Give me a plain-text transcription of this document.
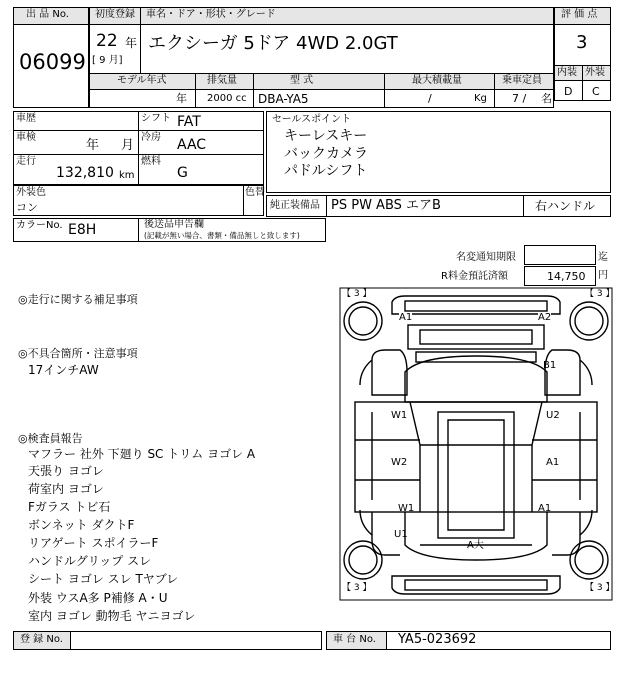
出 品 No.
06099
初度登録 車名・ドア・形状・グレード
22 年
[ 9 月]
エクシーガ 5ドア 4WD 2.0GT
評 価 点
3
内装 外装
D C
モデル年式	排気量	型 式	最大積載量	乗車定員
年 2000 cc DBA-YA5	/	Kg 7 / 名
車歴
車検
年 月
走行
132,810 km
シフト FAT
冷房 AAC
燃料
G
セールスポイント
キーレスキー
バックカメラ
パドルシフト
外装色
コン
色替
純正装備品 PS PW ABS エアB	右ハンドル
カラーNo. E8H	後送品申告欄
(記載が無い場合、書類・備品無しと致します)
名変通知期限	迄
R料金預託済額	14,750 円
◎走行に関する補足事項
◎不具合箇所・注意事項
17インチAW
◎検査員報告
マフラー 社外 下廻り SC トリム ヨゴレ A
天張り ヨゴレ
荷室内 ヨゴレ
Fガラス トビ石
ボンネット ダクトF
リアゲート スポイラーF
ハンドルグリップ スレ
シート ヨゴレ スレ Tヤブレ
外装 ウスA多 P補修 A・U
室内 ヨゴレ 動物毛 ヤニヨゴレ
【 3 】	【 3 】
【 3 】	【 3 】
A1	A2
B1
W1	U2
W2	A1
W1
U1
A1
A大
登 録 No.	車 台 No. YA5-023692
